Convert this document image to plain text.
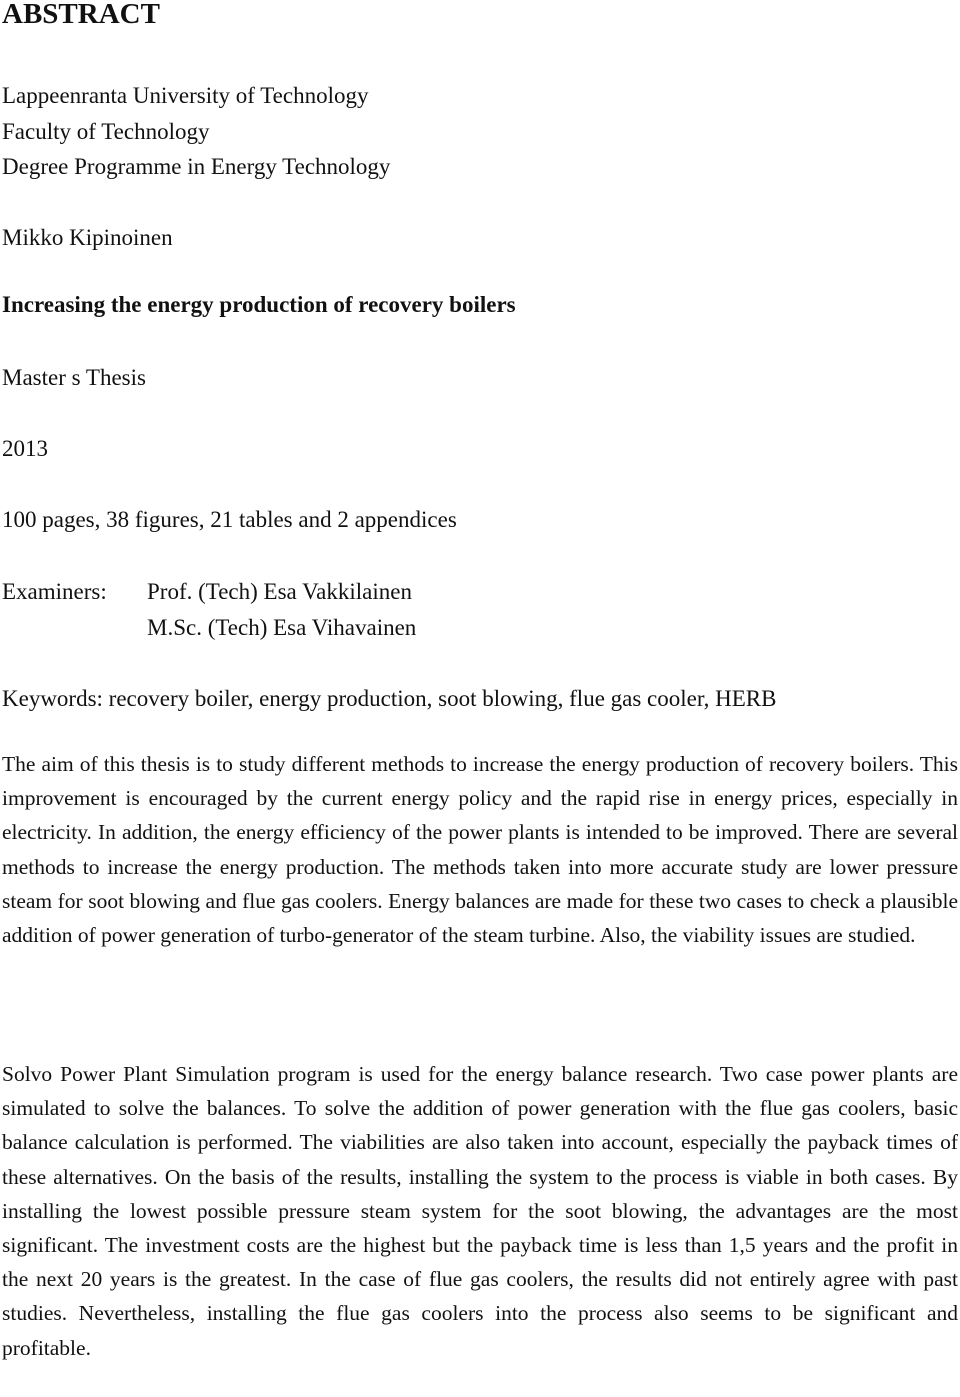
ABSTRACT
Lappeenranta University of Technology
Faculty of Technology
Degree Programme in Energy Technology
Mikko Kipinoinen
Increasing the energy production of recovery boilers
Master s Thesis
2013
100 pages, 38 figures, 21 tables and 2 appendices
Examiners: Prof. (Tech) Esa Vakkilainen
M.Sc. (Tech) Esa Vihavainen
Keywords: recovery boiler, energy production, soot blowing, flue gas cooler, HERB

The aim of this thesis is to study different methods to increase the energy production of recovery boilers. This improvement is encouraged by the current energy policy and the rapid rise in energy prices, especially in electricity. In addition, the energy efficiency of the power plants is intended to be improved. There are several methods to increase the energy production. The methods taken into more accurate study are lower pressure steam for soot blowing and flue gas coolers. Energy balances are made for these two cases to check a plausible addition of power generation of turbo-generator of the steam turbine. Also, the viability issues are studied.

Solvo Power Plant Simulation program is used for the energy balance research. Two case power plants are simulated to solve the balances. To solve the addition of power generation with the flue gas coolers, basic balance calculation is performed. The viabilities are also taken into account, especially the payback times of these alternatives. On the basis of the results, installing the system to the process is viable in both cases. By installing the lowest possible pressure steam system for the soot blowing, the advantages are the most significant. The investment costs are the highest but the payback time is less than 1,5 years and the profit in the next 20 years is the greatest. In the case of flue gas coolers, the results did not entirely agree with past studies. Nevertheless, installing the flue gas coolers into the process also seems to be significant and profitable.
